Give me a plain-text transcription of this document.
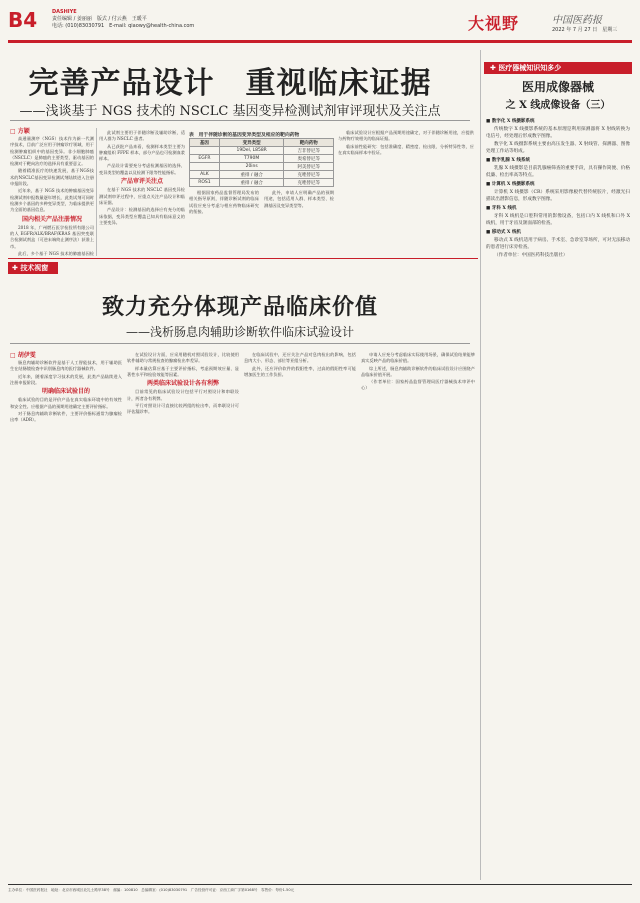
B4	DASHIYE
责任编辑 / 姜丽丽　版式 / 付云燕　王暖平
电话: (010)83030791　E-mail: qiaowy@health-china.com	大视野	中国医药报
2022 年 7 月 27 日　星期三
完善产品设计　重视临床证据
——浅谈基于 NGS 技术的 NSCLC 基因变异检测试剂审评现状及关注点
□ 方颖

高通量测序（NGS）技术作为新一代测序技术，目前广泛应用于肿瘤诊疗领域，用于检测肿瘤组织中的基因变异。非小细胞肺癌（NSCLC）是肺癌的主要类型，驱动基因的检测对于靶向治疗的选择具有重要意义。

随着精准医疗的快速发展，基于NGS技术的NSCLC基因变异检测试剂陆续进入注册申报阶段。

近年来，基于 NGS 技术的肿瘤基因变异检测试剂申报数量逐年增长，此类试剂可同时检测多个基因的多种变异类型，为临床提供更为全面的基因信息。

国内相关产品注册情况

2018 年，广州燃石医学检验所有限公司的人 EGFR/ALK/BRAF/KRAS 基因突变联合检测试剂盒（可逆末端终止测序法）获准上市。

此后，多个基于 NGS 技术的肺癌基因检

此试剂主要用于伴随诊断及辅助诊断，适用人群为 NSCLC 患者。

从已获批产品来看，检测样本类型主要为肿瘤组织 FFPE 样本，部分产品也可检测血浆样本。

产品设计需要充分考虑检测基因的选择、变异类型的覆盖以及检测下限等性能指标。

产品审评关注点

在基于 NGS 技术的 NSCLC 基因变异检测试剂审评过程中，应重点关注产品设计和临床证据。

产品设计：检测基因的选择应有充分的临床依据，变异类型应覆盖已知具有临床意义的主要变异。

表　用于伴随诊断的基因变异类型及相应的靶向药物
基因	变异类型	靶向药物
	19Del, L858R	吉非替尼等
EGFR	T790M	奥希替尼等
	20ins	阿美替尼等
ALK	重排 / 融合	克唑替尼等
ROS1	重排 / 融合	克唑替尼等

根据国家药品监督管理局发布的相关指导原则，伴随诊断试剂的临床试验应充分考虑与相应药物临床研究的衔接。

此外，申请人应明确产品的预期用途，包括适用人群、样本类型、检测基因及变异类型等。

临床试验设计应根据产品预期用途确定，对于伴随诊断用途，应提供与药物疗效相关的临床证据。

临床前性能研究：包括准确度、精密度、检出限、分析特异性等，应在真实临床样本中验证。

✚ 医疗器械知识知多少
医用成像器械
之 X 线成像设备（三）
■ 数字化 X 线摄影系统

传统数字 X 线摄影系统的基本原理是利用探测器将 X 射线转换为电信号，经处理后形成数字图像。

数字化 X 线摄影系统主要由高压发生器、X 射线管、探测器、图像处理工作站等组成。

■ 数字乳腺 X 线系统

乳腺 X 线摄影是目前乳腺癌筛查的重要手段，具有操作简便、价格低廉、检出率高等特点。

■ 计算机 X 线摄影系统

计算机 X 线摄影（CR）系统采用影像板代替传统胶片，经激光扫描读出潜影信息，形成数字图像。

■ 牙科 X 线机

牙科 X 线机是口腔科常用的影像设备，包括口内 X 线机和口外 X 线机，用于牙齿及颌面部的检查。

■ 移动式 X 线机

移动式 X 线机适用于病房、手术室、急诊室等场所，可对无法移动的患者进行床旁检查。

（作者单位：中国医药科技出版社）

✚ 技术视窗
致力充分体现产品临床价值
——浅析肠息肉辅助诊断软件临床试验设计
□ 胡伊雯

肠息肉辅助诊断软件是基于人工智能技术，用于辅助医生在结肠镜检查中识别肠息肉的医疗器械软件。

近年来，随着深度学习技术的发展，此类产品陆续进入注册申报阶段。

明确临床试验目的

临床试验的目的是评价产品在真实临床环境中的有效性和安全性。应根据产品的预期用途确定主要评价指标。

对于肠息肉辅助诊断软件，主要评价指标通常为腺瘤检出率（ADR）。

在试验设计方面，应采用随机对照试验设计，比较使用软件辅助与常规检查的腺瘤检出率差异。

样本量估算应基于主要评价指标，考虑预期效应量、显著性水平和检验效能等因素。

两类临床试验设计各有利弊

目前常见的临床试验设计包括平行对照设计和串联设计，两者各有利弊。

平行对照设计可直接比较两组的检出率，而串联设计可评估漏诊率。

在临床试验中，还应关注产品对息肉检出的影响，包括息肉大小、形态、部位等亚组分析。

此外，还应评价软件的假阳性率，过高的假阳性率可能增加医生的工作负担。

申请人应充分考虑临床实际使用场景，确保试验结果能够真实反映产品的临床价值。

综上所述，肠息肉辅助诊断软件的临床试验设计应围绕产品临床价值开展。

（作者单位：国家药品监督管理局医疗器械技术审评中心）

主办单位：中国医药报社　地址：北京市西城区北礼士路甲38号　邮编：100810　总编辑室：(010)83030791　广告经营许可证：京西工商广字第0168号　零售价：每份1.50元
